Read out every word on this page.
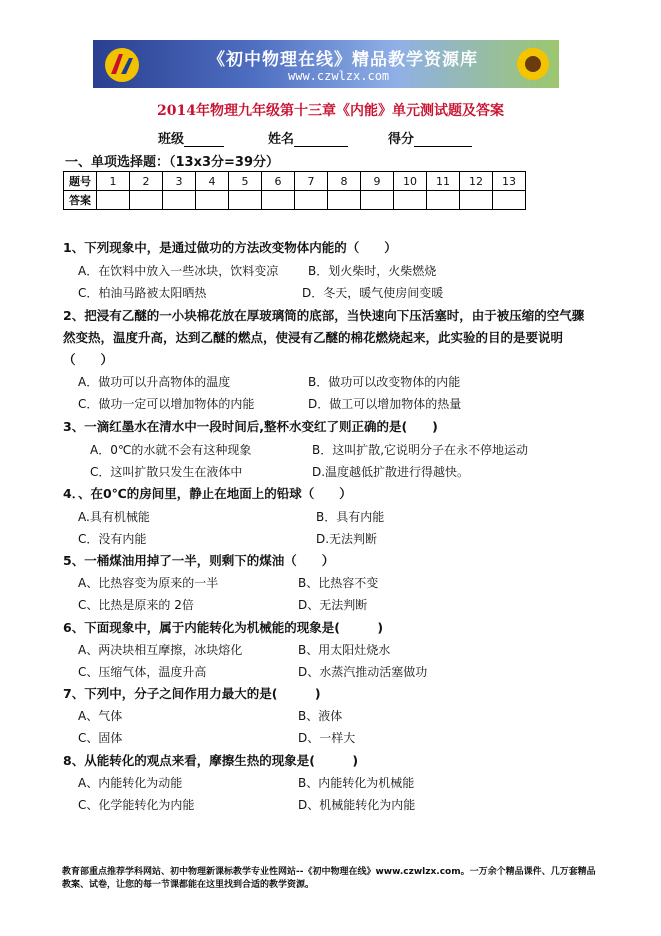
《初中物理在线》精品教学资源库
www.czwlzx.com
2014年物理九年级第十三章《内能》单元测试题及答案
班级	姓名	得分
一、单项选择题：（13x3分=39分）
题号	1	2	3	4	5	6	7	8	9	10	11	12	13
答案													
1、下列现象中，是通过做功的方法改变物体内能的（　　）
A．在饮料中放入一些冰块，饮料变凉 B．划火柴时，火柴燃烧
C．柏油马路被太阳晒热	D．冬天，暖气使房间变暖
2、把浸有乙醚的一小块棉花放在厚玻璃筒的底部，当快速向下压活塞时，由于被压缩的空气骤然变热，温度升高，达到乙醚的燃点，使浸有乙醚的棉花燃烧起来，此实验的目的是要说明（　　）
A．做功可以升高物体的温度	B．做功可以改变物体的内能
C．做功一定可以增加物体的内能	D．做工可以增加物体的热量
3、一滴红墨水在清水中一段时间后,整杯水变红了则正确的是(　　)
A．0℃的水就不会有这种现象	B．这叫扩散,它说明分子在永不停地运动
C．这叫扩散只发生在液体中	D.温度越低扩散进行得越快。
4．、在0℃的房间里，静止在地面上的铅球（　　）
A.具有机械能	B．具有内能
C．没有内能	D.无法判断
5、一桶煤油用掉了一半，则剩下的煤油（　　）
A、比热容变为原来的一半	B、比热容不变
C、比热是原来的 2倍	D、无法判断
6、下面现象中，属于内能转化为机械能的现象是(　　　)
A、两决块相互摩擦，冰块熔化	B、用太阳灶烧水
C、压缩气体，温度升高	D、水蒸汽推动活塞做功
7、下列中，分子之间作用力最大的是(　　　)
A、气体	B、液体
C、固体	D、一样大
8、从能转化的观点来看，摩擦生热的现象是(　　　)
A、内能转化为动能	B、内能转化为机械能
C、化学能转化为内能	D、机械能转化为内能
教育部重点推荐学科网站、初中物理新课标教学专业性网站--《初中物理在线》www.czwlzx.com。一万余个精品课件、几万套精品教案、试卷，让您的每一节课都能在这里找到合适的教学资源。
